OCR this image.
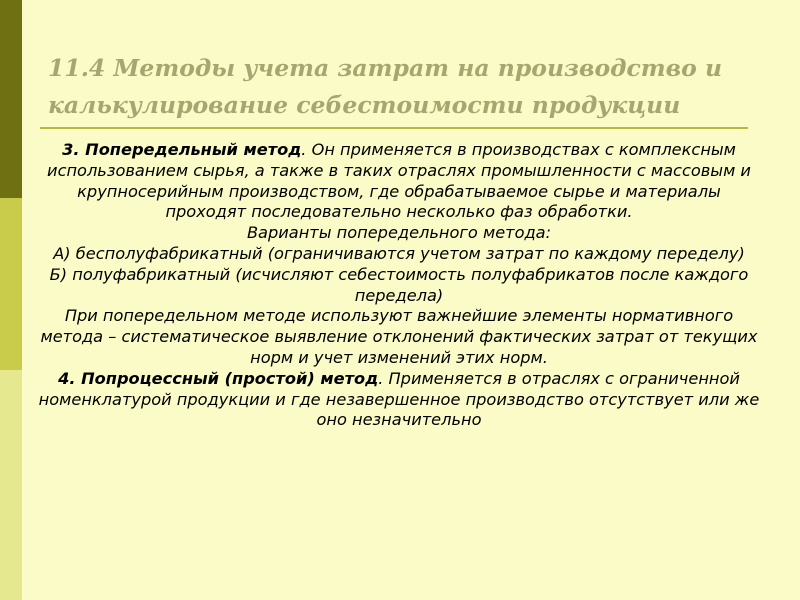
11.4 Методы учета затрат на производство и
калькулирование себестоимости продукции

3. Попередельный метод. Он применяется в производствах с комплексным использованием сырья, а также в таких отраслях промышленности с массовым и крупносерийным производством, где обрабатываемое сырье и материалы проходят последовательно несколько фаз обработки.

Варианты попередельного метода:

А) бесполуфабрикатный (ограничиваются учетом затрат по каждому переделу)

Б) полуфабрикатный (исчисляют себестоимость полуфабрикатов после каждого передела)

При попередельном методе используют важнейшие элементы нормативного метода – систематическое выявление отклонений фактических затрат от текущих норм и учет изменений этих норм.

4. Попроцессный (простой) метод. Применяется в отраслях с ограниченной номенклатурой продукции и где незавершенное производство отсутствует или же оно незначительно
